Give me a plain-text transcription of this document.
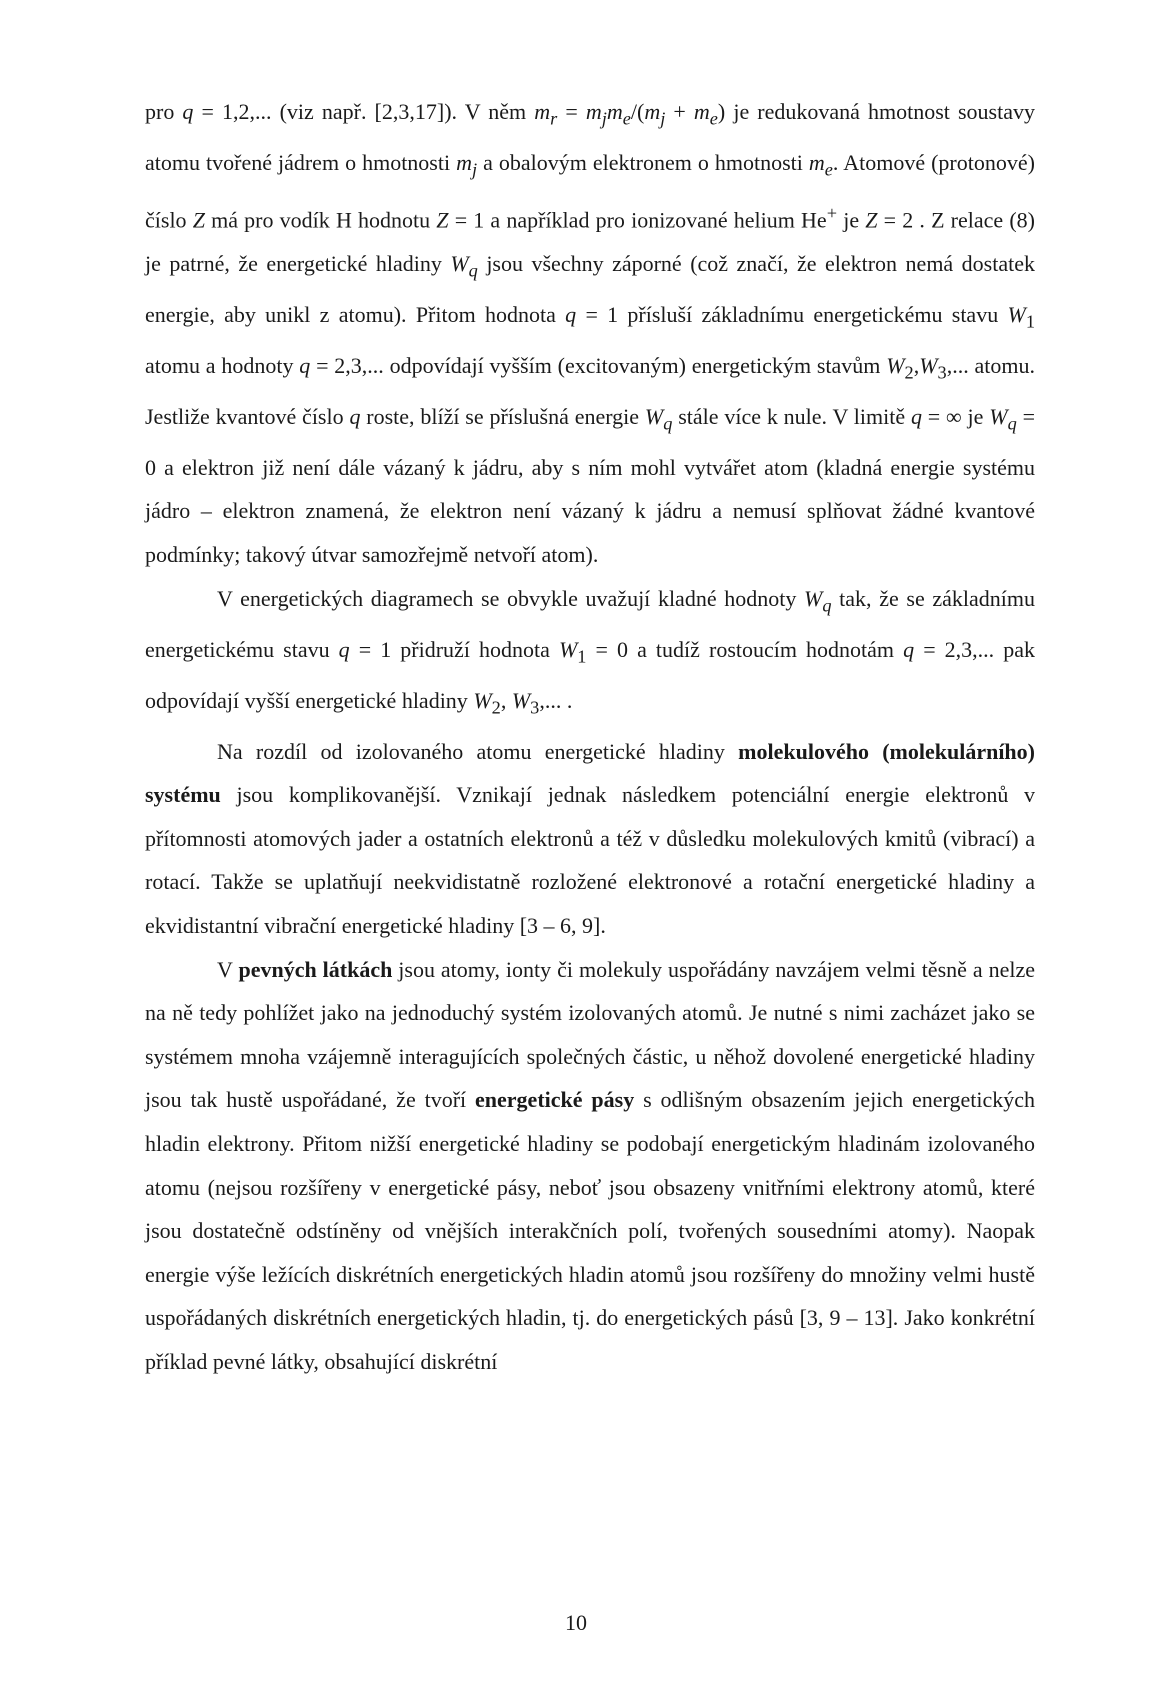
pro q = 1,2,... (viz např. [2,3,17]). V něm $m_r = m_jm_e/(m_j + m_e)$ je redukovaná hmotnost soustavy atomu tvořené jádrem o hmotnosti $m_j$ a obalovým elektronem o hmotnosti $m_e$. Atomové (protonové) číslo Z má pro vodík H hodnotu Z = 1 a například pro ionizované helium He+ je Z = 2 . Z relace (8) je patrné, že energetické hladiny $W_q$ jsou všechny záporné (což značí, že elektron nemá dostatek energie, aby unikl z atomu). Přitom hodnota q = 1 přísluší základnímu energetickému stavu $W_1$ atomu a hodnoty q = 2,3,... odpovídají vyšším (excitovaným) energetickým stavům $W_2,W_3$,... atomu. Jestliže kvantové číslo q roste, blíží se příslušná energie $W_q$ stále více k nule. V limitě q = ∞ je $W_q = 0$ a elektron již není dále vázaný k jádru, aby s ním mohl vytvářet atom (kladná energie systému jádro – elektron znamená, že elektron není vázaný k jádru a nemusí splňovat žádné kvantové podmínky; takový útvar samozřejmě netvoří atom).

V energetických diagramech se obvykle uvažují kladné hodnoty $W_q$ tak, že se základnímu energetickému stavu q = 1 přidruží hodnota $W_1 = 0$ a tudíž rostoucím hodnotám q = 2,3,... pak odpovídají vyšší energetické hladiny $W_2$, $W_3$,... .

Na rozdíl od izolovaného atomu energetické hladiny molekulového (molekulárního) systému jsou komplikovanější. Vznikají jednak následkem potenciální energie elektronů v přítomnosti atomových jader a ostatních elektronů a též v důsledku molekulových kmitů (vibrací) a rotací. Takže se uplatňují neekvidistatně rozložené elektronové a rotační energetické hladiny a ekvidistantní vibrační energetické hladiny [3 – 6, 9].

V pevných látkách jsou atomy, ionty či molekuly uspořádány navzájem velmi těsně a nelze na ně tedy pohlížet jako na jednoduchý systém izolovaných atomů. Je nutné s nimi zacházet jako se systémem mnoha vzájemně interagujících společných částic, u něhož dovolené energetické hladiny jsou tak hustě uspořádané, že tvoří energetické pásy s odlišným obsazením jejich energetických hladin elektrony. Přitom nižší energetické hladiny se podobají energetickým hladinám izolovaného atomu (nejsou rozšířeny v energetické pásy, neboť jsou obsazeny vnitřními elektrony atomů, které jsou dostatečně odstíněny od vnějších interakčních polí, tvořených sousedními atomy). Naopak energie výše ležících diskrétních energetických hladin atomů jsou rozšířeny do množiny velmi hustě uspořádaných diskrétních energetických hladin, tj. do energetických pásů [3, 9 – 13]. Jako konkrétní příklad pevné látky, obsahující diskrétní

10
